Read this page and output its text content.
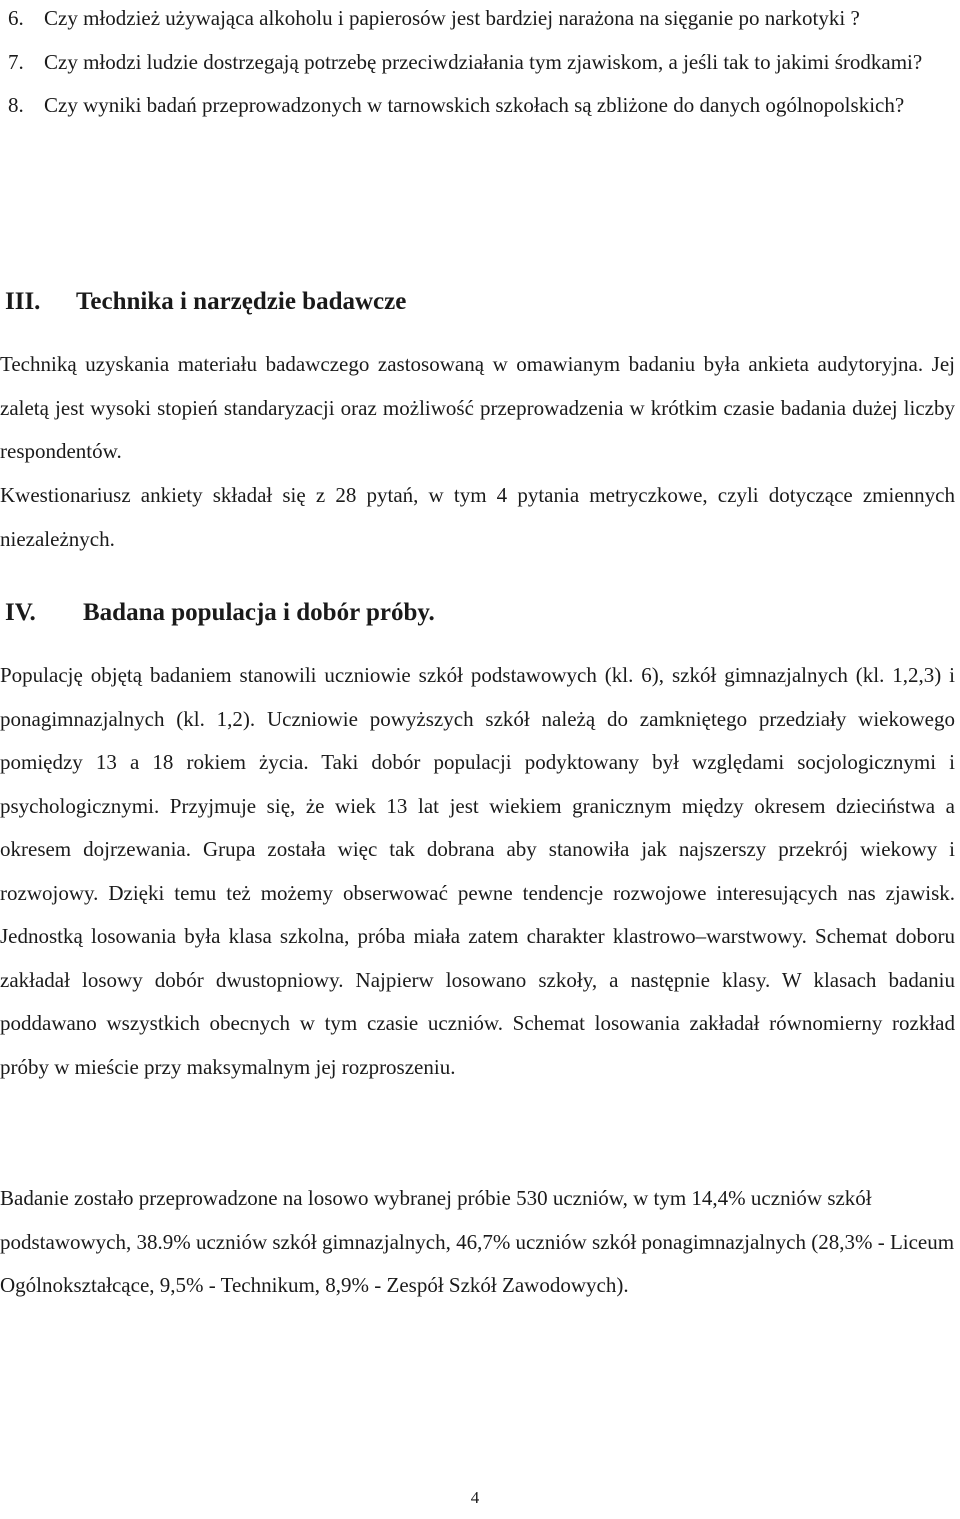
6. Czy młodzież używająca alkoholu i papierosów jest bardziej narażona na sięganie po narkotyki ?
7. Czy młodzi ludzie dostrzegają potrzebę przeciwdziałania tym zjawiskom, a jeśli tak to jakimi środkami?
8. Czy wyniki badań przeprowadzonych w tarnowskich szkołach są zbliżone do danych ogólnopolskich?
III. Technika i narzędzie badawcze

Techniką uzyskania materiału badawczego zastosowaną w omawianym badaniu była ankieta audytoryjna. Jej zaletą jest wysoki stopień standaryzacji oraz możliwość przeprowadzenia w krótkim czasie badania dużej liczby respondentów.

Kwestionariusz ankiety składał się z 28 pytań, w tym 4 pytania metryczkowe, czyli dotyczące zmiennych niezależnych.

IV. Badana populacja i dobór próby.

Populację objętą badaniem stanowili uczniowie szkół podstawowych (kl. 6), szkół gimnazjalnych (kl. 1,2,3) i ponagimnazjalnych (kl. 1,2). Uczniowie powyższych szkół należą do zamkniętego przedziały wiekowego pomiędzy 13 a 18 rokiem życia. Taki dobór populacji podyktowany był względami socjologicznymi i psychologicznymi. Przyjmuje się, że wiek 13 lat jest wiekiem granicznym między okresem dzieciństwa a okresem dojrzewania. Grupa została więc tak dobrana aby stanowiła jak najszerszy przekrój wiekowy i rozwojowy. Dzięki temu też możemy obserwować pewne tendencje rozwojowe interesujących nas zjawisk. Jednostką losowania była klasa szkolna, próba miała zatem charakter klastrowo–warstwowy. Schemat doboru zakładał losowy dobór dwustopniowy. Najpierw losowano szkoły, a następnie klasy. W klasach badaniu poddawano wszystkich obecnych w tym czasie uczniów. Schemat losowania zakładał równomierny rozkład próby w mieście przy maksymalnym jej rozproszeniu.

Badanie zostało przeprowadzone na losowo wybranej próbie 530 uczniów, w tym 14,4% uczniów szkół podstawowych, 38.9% uczniów szkół gimnazjalnych, 46,7% uczniów szkół ponagimnazjalnych (28,3% - Liceum Ogólnokształcące, 9,5% - Technikum, 8,9% - Zespół Szkół Zawodowych).

4
